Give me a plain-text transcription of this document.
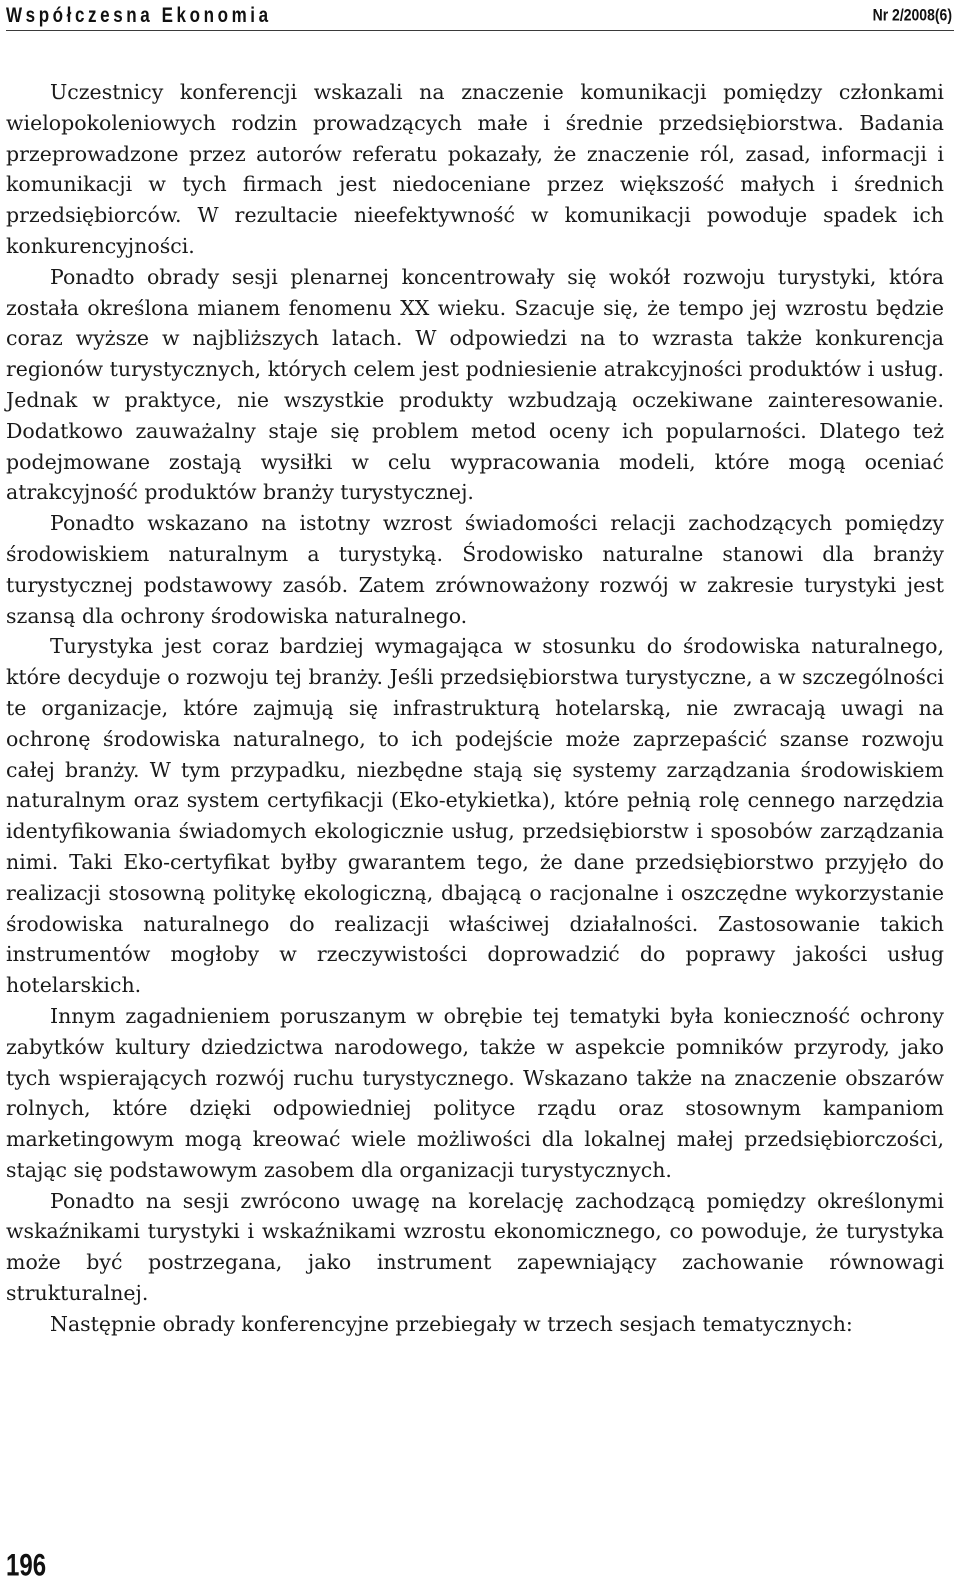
Współczesna Ekonomia	Nr 2/2008(6)

Uczestnicy konferencji wskazali na znaczenie komunikacji pomiędzy członkami wielopokoleniowych rodzin prowadzących małe i średnie przedsiębiorstwa. Badania przeprowadzone przez autorów referatu pokazały, że znaczenie ról, zasad, informacji i komunikacji w tych firmach jest niedoceniane przez większość małych i średnich przedsiębiorców. W rezultacie nieefektywność w komunikacji powoduje spadek ich konkurencyjności.

Ponadto obrady sesji plenarnej koncentrowały się wokół rozwoju turystyki, która została określona mianem fenomenu XX wieku. Szacuje się, że tempo jej wzrostu będzie coraz wyższe w najbliższych latach. W odpowiedzi na to wzrasta także konkurencja regionów turystycznych, których celem jest podniesienie atrakcyjności produktów i usług. Jednak w praktyce, nie wszystkie produkty wzbudzają oczekiwane zainteresowanie. Dodatkowo zauważalny staje się problem metod oceny ich popularności. Dlatego też podejmowane zostają wysiłki w celu wypracowania modeli, które mogą oceniać atrakcyjność produktów branży turystycznej.

Ponadto wskazano na istotny wzrost świadomości relacji zachodzących pomiędzy środowiskiem naturalnym a turystyką. Środowisko naturalne stanowi dla branży turystycznej podstawowy zasób. Zatem zrównoważony rozwój w zakresie turystyki jest szansą dla ochrony środowiska naturalnego.

Turystyka jest coraz bardziej wymagająca w stosunku do środowiska naturalnego, które decyduje o rozwoju tej branży. Jeśli przedsiębiorstwa turystyczne, a w szczególności te organizacje, które zajmują się infrastrukturą hotelarską, nie zwracają uwagi na ochronę środowiska naturalnego, to ich podejście może zaprzepaścić szanse rozwoju całej branży. W tym przypadku, niezbędne stają się systemy zarządzania środowiskiem naturalnym oraz system certyfikacji (Eko-etykietka), które pełnią rolę cennego narzędzia identyfikowania świadomych ekologicznie usług, przedsiębiorstw i sposobów zarządzania nimi. Taki Eko-certyfikat byłby gwarantem tego, że dane przedsiębiorstwo przyjęło do realizacji stosowną politykę ekologiczną, dbającą o racjonalne i oszczędne wykorzystanie środowiska naturalnego do realizacji właściwej działalności. Zastosowanie takich instrumentów mogłoby w rzeczywistości doprowadzić do poprawy jakości usług hotelarskich.

Innym zagadnieniem poruszanym w obrębie tej tematyki była konieczność ochrony zabytków kultury dziedzictwa narodowego, także w aspekcie pomników przyrody, jako tych wspierających rozwój ruchu turystycznego. Wskazano także na znaczenie obszarów rolnych, które dzięki odpowiedniej polityce rządu oraz stosownym kampaniom marketingowym mogą kreować wiele możliwości dla lokalnej małej przedsiębiorczości, stając się podstawowym zasobem dla organizacji turystycznych.

Ponadto na sesji zwrócono uwagę na korelację zachodzącą pomiędzy określonymi wskaźnikami turystyki i wskaźnikami wzrostu ekonomicznego, co powoduje, że turystyka może być postrzegana, jako instrument zapewniający zachowanie równowagi strukturalnej.

Następnie obrady konferencyjne przebiegały w trzech sesjach tematycznych:

196
